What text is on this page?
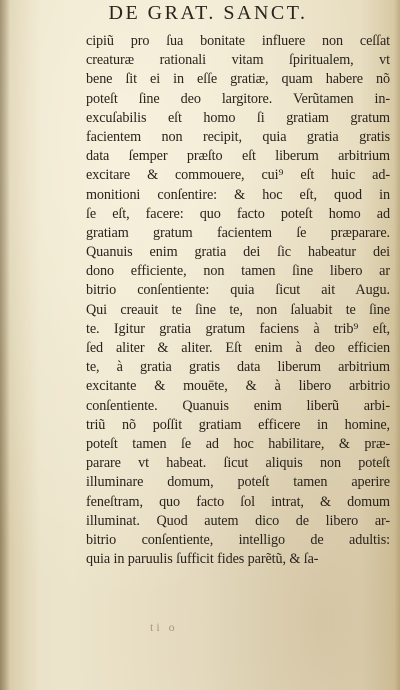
DE GRAT. SANCT.
cipiũ pro ſua bonitate influere non ceſſat
creaturæ rationali vitam ſpiritualem, vt
bene ſit ei in eſſe gratiæ, quam habere nõ
poteſt ſine deo largitore. Verũtamen in-
excuſabilis eſt homo ſi gratiam gratum
facientem non recipit, quia gratia gratis
data ſemper præſto eſt liberum arbitrium
excitare & commouere, cui⁹ eſt huic ad-
monitioni conſentire: & hoc eſt, quod in
ſe eſt, facere: quo facto poteſt homo ad
gratiam gratum facientem ſe præparare.
Quanuis enim gratia dei ſic habeatur dei
dono efficiente, non tamen ſine libero ar
bitrio conſentiente: quia ſicut ait Augu.
Qui creauit te ſine te, non ſaluabit te ſine
te. Igitur gratia gratum faciens à trib⁹ eſt,
ſed aliter & aliter. Eſt enim à deo efficien
te, à gratia gratis data liberum arbitrium
excitante & mouēte, & à libero arbitrio
conſentiente. Quanuis enim liberũ arbi-
triũ nõ poſſit gratiam efficere in homine,
poteſt tamen ſe ad hoc habilitare, & præ-
parare vt habeat. ſicut aliquis non poteſt
illuminare domum, poteſt tamen aperire
feneſtram, quo facto ſol intrat, & domum
illuminat. Quod autem dico de libero ar-
bitrio conſentiente, intelligo de adultis:
quia in paruulis ſufficit fides parẽtũ, & ſa-
ti o
